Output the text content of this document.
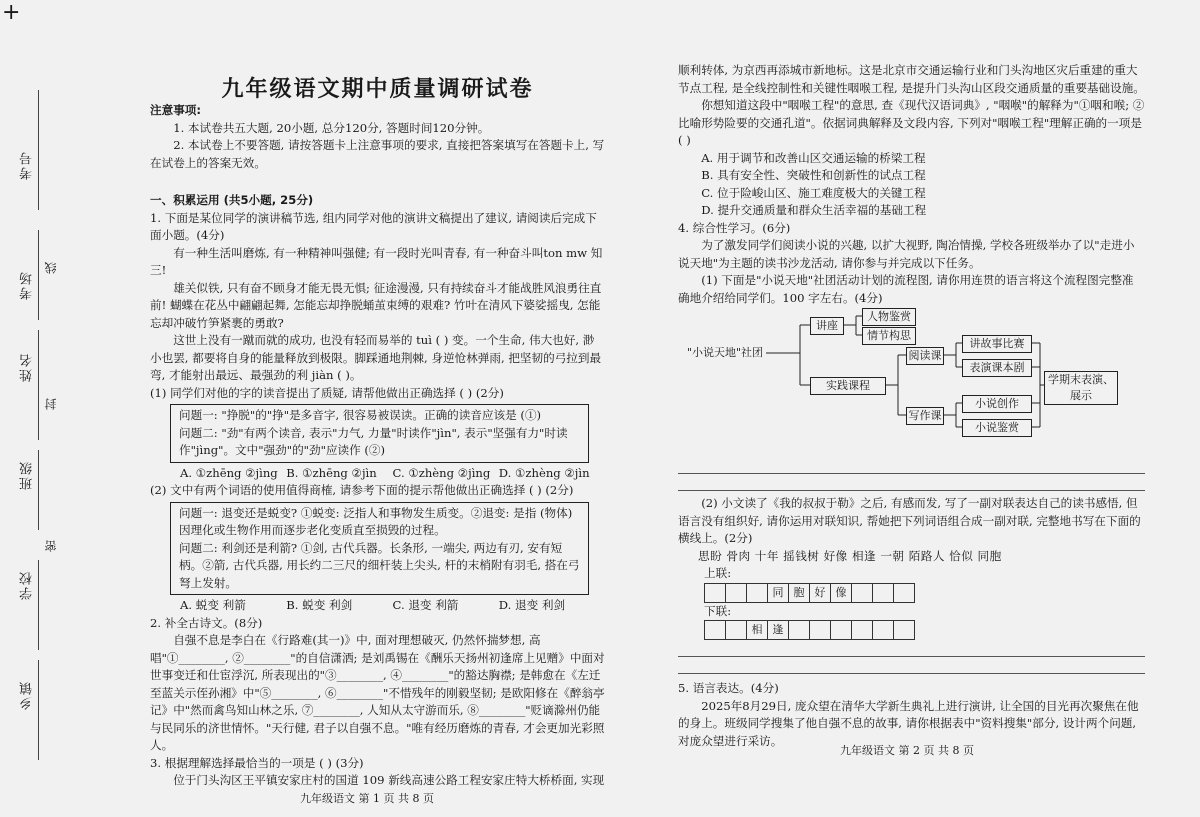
+
考号
考场
线
姓名
封
班级
密
学校
乡镇
九年级语文期中质量调研试卷

注意事项:

1. 本试卷共五大题, 20小题, 总分120分, 答题时间120分钟。

2. 本试卷上不要答题, 请按答题卡上注意事项的要求, 直接把答案填写在答题卡上, 写在试卷上的答案无效。

一、积累运用 (共5小题, 25分)

1. 下面是某位同学的演讲稿节选, 组内同学对他的演讲文稿提出了建议, 请阅读后完成下面小题。(4分)

有一种生活叫磨炼, 有一种精神叫强健; 有一段时光叫青春, 有一种奋斗叫ton mw 知三!

雄关似铁, 只有奋不顾身才能无畏无惧; 征途漫漫, 只有持续奋斗才能战胜风浪勇往直前! 蝴蝶在花丛中翩翩起舞, 怎能忘却挣脱蛹茧束缚的艰难? 竹叶在清风下婆娑摇曳, 怎能忘却冲破竹笋紧裹的勇敢?

这世上没有一蹴而就的成功, 也没有轻而易举的 tuì ( ) 变。一个生命, 伟大也好, 渺小也罢, 都要将自身的能量释放到极限。脚踩通地荆棘, 身逆怆林弹雨, 把坚韧的弓拉到最弯, 才能射出最远、最强劲的利 jiàn ( )。

(1) 同学们对他的字的读音提出了质疑, 请帮他做出正确选择 ( ) (2分)

问题一: "挣脱"的"挣"是多音字, 很容易被误读。正确的读音应该是 (①)

问题二: "劲"有两个读音, 表示"力气, 力量"时读作"jìn", 表示"坚强有力"时读作"jìng"。文中"强劲"的"劲"应读作 (②)

A. ①zhēng ②jìng B. ①zhēng ②jìn	C. ①zhèng ②jìng D. ①zhèng ②jìn

(2) 文中有两个词语的使用值得商榷, 请参考下面的提示帮他做出正确选择 ( ) (2分)

问题一: 退变还是蜕变? ①蜕变: 泛指人和事物发生质变。②退变: 是指 (物体) 因理化或生物作用而逐步老化变质直至损毁的过程。

问题二: 利剑还是利箭? ①剑, 古代兵器。长条形, 一端尖, 两边有刃, 安有短柄。②箭, 古代兵器, 用长约二三尺的细杆装上尖头, 杆的末梢附有羽毛, 搭在弓弩上发射。

A. 蜕变 利箭	B. 蜕变 利剑	C. 退变 利箭	D. 退变 利剑

2. 补全古诗文。(8分)

自强不息是李白在《行路难(其一)》中, 面对理想破灭, 仍然怀揣梦想, 高唱"①________, ②________"的自信潇洒; 是刘禹锡在《酬乐天扬州初逢席上见赠》中面对世事变迁和仕宦浮沉, 所表现出的"③________, ④________"的豁达胸襟; 是韩愈在《左迁至蓝关示侄孙湘》中"⑤________, ⑥________"不惜残年的刚毅坚韧; 是欧阳修在《醉翁亭记》中"然而禽鸟知山林之乐, ⑦________, 人知从太守游而乐, ⑧________"贬谪滁州仍能与民同乐的济世情怀。"天行健, 君子以自强不息。"唯有经历磨炼的青春, 才会更加光彩照人。

3. 根据理解选择最恰当的一项是 ( ) (3分)

位于门头沟区王平镇安家庄村的国道 109 新线高速公路工程安家庄特大桥桥面, 实现

九年级语文 第 1 页 共 8 页

顺利转体, 为京西再添城市新地标。这是北京市交通运输行业和门头沟地区灾后重建的重大节点工程, 是全线控制性和关键性咽喉工程, 是提升门头沟山区段交通质量的重要基础设施。

你想知道这段中"咽喉工程"的意思, 查《现代汉语词典》, "咽喉"的解释为"①咽和喉; ②比喻形势险要的交通孔道"。依据词典解释及文段内容, 下列对"咽喉工程"理解正确的一项是 ( )

A. 用于调节和改善山区交通运输的桥梁工程

B. 具有安全性、突破性和创新性的试点工程

C. 位于险峻山区、施工难度极大的关键工程

D. 提升交通质量和群众生活幸福的基础工程

4. 综合性学习。(6分)

为了激发同学们阅读小说的兴趣, 以扩大视野, 陶冶情操, 学校各班级举办了以"走进小说天地"为主题的读书沙龙活动, 请你参与并完成以下任务。

(1) 下面是"小说天地"社团活动计划的流程图, 请你用连贯的语言将这个流程图完整准确地介绍给同学们。100 字左右。(4分)

"小说天地"社团
讲座
人物鉴赏
情节构思
实践课程
阅读课
讲故事比赛
表演课本剧
写作课
小说创作
小说鉴赏
学期末表演、展示

(2) 小文读了《我的叔叔于勒》之后, 有感而发, 写了一副对联表达自己的读书感悟, 但语言没有组织好, 请你运用对联知识, 帮她把下列词语组合成一副对联, 完整地书写在下面的横线上。(2分)

思盼 骨肉 十年 摇钱树 好像 相逢 一朝 陌路人 恰似 同胞

上联:

同 胞 好 像

下联:

相 逢

5. 语言表达。(4分)

2025年8月29日, 庞众望在清华大学新生典礼上进行演讲, 让全国的目光再次聚焦在他的身上。班级同学搜集了他自强不息的故事, 请你根据表中"资料搜集"部分, 设计两个问题, 对庞众望进行采访。

九年级语文 第 2 页 共 8 页
